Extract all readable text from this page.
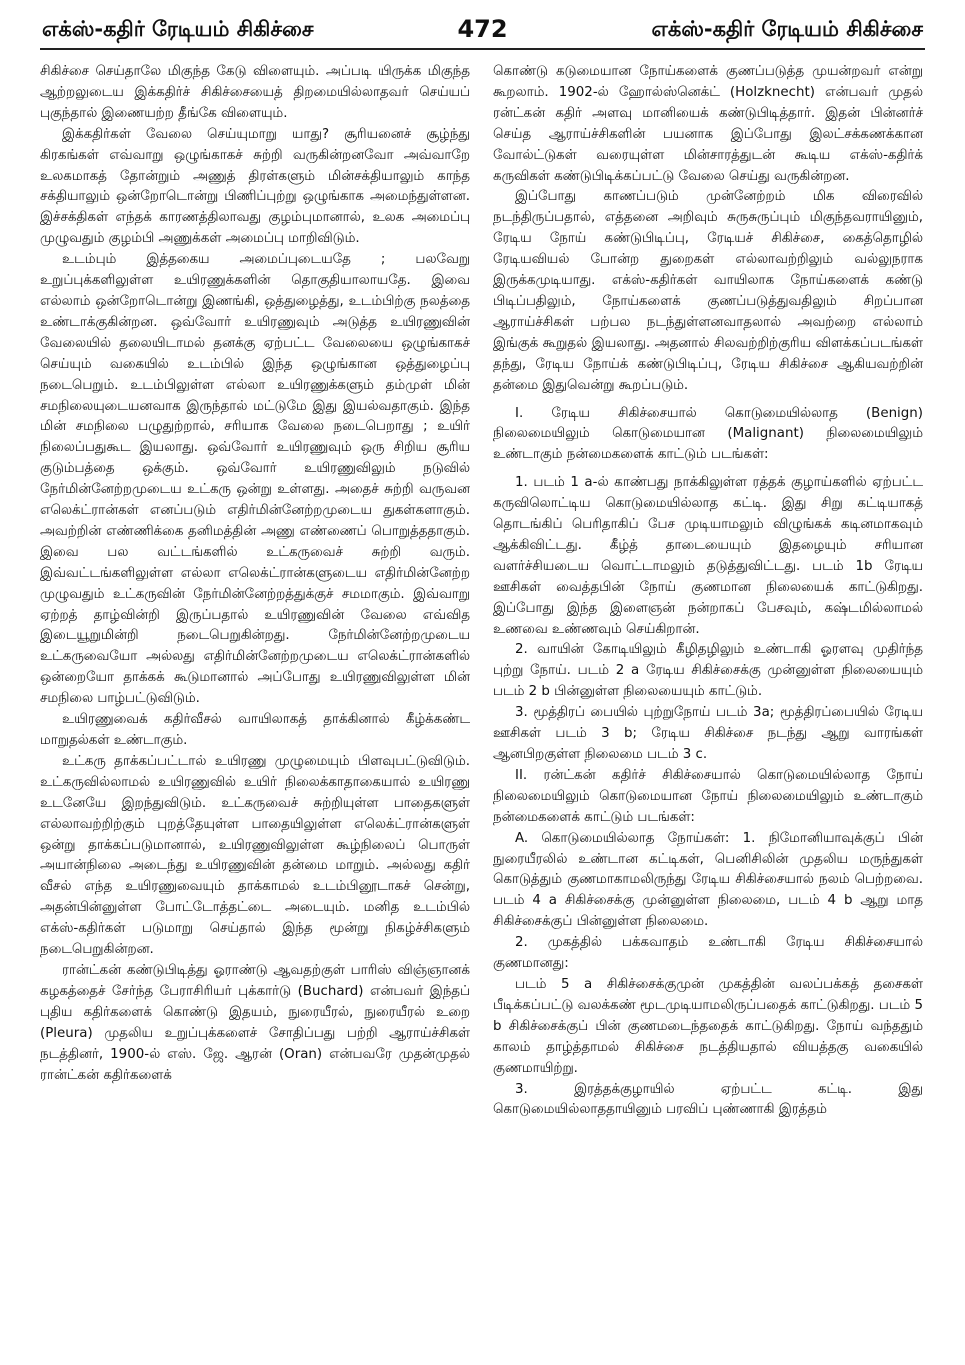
எக்ஸ்-கதிர் ரேடியம் சிகிச்சை	472	எக்ஸ்-கதிர் ரேடியம் சிகிச்சை

சிகிச்சை செய்தாலே மிகுந்த கேடு விளையும். அப்படி யிருக்க மிகுந்த ஆற்றலுடைய இக்கதிர்ச் சிகிச்சையைத் திறமையில்லாதவர் செய்யப் புகுந்தால் இணையற்ற தீங்கே விளையும்.

இக்கதிர்கள் வேலை செய்யுமாறு யாது? சூரியனைச் சூழ்ந்து கிரகங்கள் எவ்வாறு ஒழுங்காகச் சுற்றி வருகின்றனவோ அவ்வாறே உலகமாகத் தோன்றும் அணுத் திரள்களும் மின்சக்தியாலும் காந்த சக்தியாலும் ஒன்றோடொன்று பிணிப்புற்று ஒழுங்காக அமைந்துள்ளன. இச்சக்திகள் எந்தக் காரணத்திலாவது குழம்புமானால், உலக அமைப்பு முழுவதும் குழம்பி அணுக்கள் அமைப்பு மாறிவிடும்.

உடம்பும் இத்தகைய அமைப்புடையதே ; பலவேறு உறுப்புக்களிலுள்ள உயிரணுக்களின் தொகுதியாலாயதே. இவை எல்லாம் ஒன்றோடொன்று இணங்கி, ஒத்துழைத்து, உடம்பிற்கு நலத்தை உண்டாக்குகின்றன. ஒவ்வோர் உயிரணுவும் அடுத்த உயிரணுவின் வேலையில் தலையிடாமல் தனக்கு ஏற்பட்ட வேலையை ஒழுங்காகச் செய்யும் வகையில் உடம்பில் இந்த ஒழுங்கான ஒத்துழைப்பு நடைபெறும். உடம்பிலுள்ள எல்லா உயிரணுக்களும் தம்முள் மின் சமநிலையுடையனவாக இருந்தால் மட்டுமே இது இயல்வதாகும். இந்த மின் சமநிலை பழுதுற்றால், சரியாக வேலை நடைபெறாது ; உயிர் நிலைப்பதுகூட இயலாது. ஒவ்வோர் உயிரணுவும் ஒரு சிறிய சூரிய குடும்பத்தை ஒக்கும். ஒவ்வோர் உயிரணுவிலும் நடுவில் நேர்மின்னேற்றமுடைய உட்கரு ஒன்று உள்ளது. அதைச் சுற்றி வருவன எலெக்ட்ரான்கள் எனப்படும் எதிர்மின்னேற்றமுடைய துகள்களாகும். அவற்றின் எண்ணிக்கை தனிமத்தின் அணு எண்ணைப் பொறுத்ததாகும். இவை பல வட்டங்களில் உட்கருவைச் சுற்றி வரும். இவ்வட்டங்களிலுள்ள எல்லா எலெக்ட்ரான்களுடைய எதிர்மின்னேற்ற முழுவதும் உட்கருவின் நேர்மின்னேற்றத்துக்குச் சமமாகும். இவ்வாறு ஏற்றத் தாழ்வின்றி இருப்பதால் உயிரணுவின் வேலை எவ்வித இடையூறுமின்றி நடைபெறுகின்றது. நேர்மின்னேற்றமுடைய உட்கருவையோ அல்லது எதிர்மின்னேற்றமுடைய எலெக்ட்ரான்களில் ஒன்றையோ தாக்கக் கூடுமானால் அப்போது உயிரணுவிலுள்ள மின் சமநிலை பாழ்பட்டுவிடும்.

உயிரணுவைக் கதிர்வீசல் வாயிலாகத் தாக்கினால் கீழ்க்கண்ட மாறுதல்கள் உண்டாகும்.

உட்கரு தாக்கப்பட்டால் உயிரணு முழுமையும் பிளவுபட்டுவிடும். உட்கருவில்லாமல் உயிரணுவில் உயிர் நிலைக்காதாகையால் உயிரணு உடனேயே இறந்துவிடும். உட்கருவைச் சுற்றியுள்ள பாதைகளுள் எல்லாவற்றிற்கும் புறத்தேயுள்ள பாதையிலுள்ள எலெக்ட்ரான்களுள் ஒன்று தாக்கப்படுமானால், உயிரணுவிலுள்ள கூழ்நிலைப் பொருள் அயான்நிலை அடைந்து உயிரணுவின் தன்மை மாறும். அல்லது கதிர் வீசல் எந்த உயிரணுவையும் தாக்காமல் உடம்பினூடாகச் சென்று, அதன்பின்னுள்ள போட்டோத்தட்டை அடையும். மனித உடம்பில் எக்ஸ்-கதிர்கள் படுமாறு செய்தால் இந்த மூன்று நிகழ்ச்சிகளும் நடைபெறுகின்றன.

ரான்ட்கன் கண்டுபிடித்து ஓராண்டு ஆவதற்குள் பாரிஸ் விஞ்ஞானக் கழகத்தைச் சேர்ந்த பேராசிரியர் புக்கார்டு (Buchard) என்பவர் இந்தப் புதிய கதிர்களைக் கொண்டு இதயம், நுரையீரல், நுரையீரல் உறை (Pleura) முதலிய உறுப்புக்களைச் சோதிப்பது பற்றி ஆராய்ச்சிகள் நடத்தினர், 1900-ல் எஸ். ஜே. ஆரன் (Oran) என்பவரே முதன்முதல் ரான்ட்கன் கதிர்களைக்

கொண்டு கடுமையான நோய்களைக் குணப்படுத்த முயன்றவர் என்று கூறலாம். 1902-ல் ஹோல்ஸ்னெக்ட் (Holzknecht) என்பவர் முதல் ரன்ட்கன் கதிர் அளவு மானியைக் கண்டுபிடித்தார். இதன் பின்னர்ச் செய்த ஆராய்ச்சிகளின் பயனாக இப்போது இலட்சக்கணக்கான வோல்ட்டுகள் வரையுள்ள மின்சாரத்துடன் கூடிய எக்ஸ்-கதிர்க் கருவிகள் கண்டுபிடிக்கப்பட்டு வேலை செய்து வருகின்றன.

இப்போது காணப்படும் முன்னேற்றம் மிக விரைவில் நடந்திருப்பதால், எத்தனை அறிவும் சுருசுருப்பும் மிகுந்தவராயினும், ரேடிய நோய் கண்டுபிடிப்பு, ரேடியச் சிகிச்சை, கைத்தொழில் ரேடியவியல் போன்ற துறைகள் எல்லாவற்றிலும் வல்லுநராக இருக்கமுடியாது. எக்ஸ்-கதிர்கள் வாயிலாக நோய்களைக் கண்டு பிடிப்பதிலும், நோய்களைக் குணப்படுத்துவதிலும் சிறப்பான ஆராய்ச்சிகள் பற்பல நடந்துள்ளனவாதலால் அவற்றை எல்லாம் இங்குக் கூறுதல் இயலாது. அதனால் சிலவற்றிற்குரிய விளக்கப்படங்கள் தந்து, ரேடிய நோய்க் கண்டுபிடிப்பு, ரேடிய சிகிச்சை ஆகியவற்றின் தன்மை இதுவென்று கூறப்படும்.

I. ரேடிய சிகிச்சையால் கொடுமையில்லாத (Benign) நிலைமையிலும் கொடுமையான (Malignant) நிலைமையிலும் உண்டாகும் நன்மைகளைக் காட்டும் படங்கள்:

1. படம் 1 a-ல் காண்பது நாக்கிலுள்ள ரத்தக் குழாய்களில் ஏற்பட்ட கருவிலொட்டிய கொடுமையில்லாத கட்டி. இது சிறு கட்டியாகத் தொடங்கிப் பெரிதாகிப் பேச முடியாமலும் விழுங்கக் கடினமாகவும் ஆக்கிவிட்டது. கீழ்த் தாடையையும் இதழையும் சரியான வளர்ச்சியடைய வொட்டாமலும் தடுத்துவிட்டது. படம் 1b ரேடிய ஊசிகள் வைத்தபின் நோய் குணமான நிலையைக் காட்டுகிறது. இப்போது இந்த இளைஞன் நன்றாகப் பேசவும், கஷ்டமில்லாமல் உணவை உண்ணவும் செய்கிறான்.

2. வாயின் கோடியிலும் கீழிதழிலும் உண்டாகி ஓரளவு முதிர்ந்த புற்று நோய். படம் 2 a ரேடிய சிகிச்சைக்கு முன்னுள்ள நிலையையும் படம் 2 b பின்னுள்ள நிலையையும் காட்டும்.

3. மூத்திரப் பையில் புற்றுநோய் படம் 3a; மூத்திரப்பையில் ரேடிய ஊசிகள் படம் 3 b; ரேடிய சிகிச்சை நடந்து ஆறு வாரங்கள் ஆனபிறகுள்ள நிலைமை படம் 3 c.

II. ரன்ட்கன் கதிர்ச் சிகிச்சையால் கொடுமையில்லாத நோய் நிலைமையிலும் கொடுமையான நோய் நிலைமையிலும் உண்டாகும் நன்மைகளைக் காட்டும் படங்கள்:

A. கொடுமையில்லாத நோய்கள்: 1. நிமோனியாவுக்குப் பின் நுரையீரலில் உண்டான கட்டிகள், பெனிசிலின் முதலிய மருந்துகள் கொடுத்தும் குணமாகாமலிருந்து ரேடிய சிகிச்சையால் நலம் பெற்றவை. படம் 4 a சிகிச்சைக்கு முன்னுள்ள நிலைமை, படம் 4 b ஆறு மாத சிகிச்சைக்குப் பின்னுள்ள நிலைமை.

2. முகத்தில் பக்கவாதம் உண்டாகி ரேடிய சிகிச்சையால் குணமானது:

படம் 5 a சிகிச்சைக்குமுன் முகத்தின் வலப்பக்கத் தசைகள் பீடிக்கப்பட்டு வலக்கண் மூடமுடியாமலிருப்பதைக் காட்டுகிறது. படம் 5 b சிகிச்சைக்குப் பின் குணமடைந்ததைக் காட்டுகிறது. நோய் வந்ததும் காலம் தாழ்த்தாமல் சிகிச்சை நடத்தியதால் வியத்தகு வகையில் குணமாயிற்று.

3. இரத்தக்குழாயில் ஏற்பட்ட கட்டி. இது கொடுமையில்லாததாயினும் பரவிப் புண்ணாகி இரத்தம்
